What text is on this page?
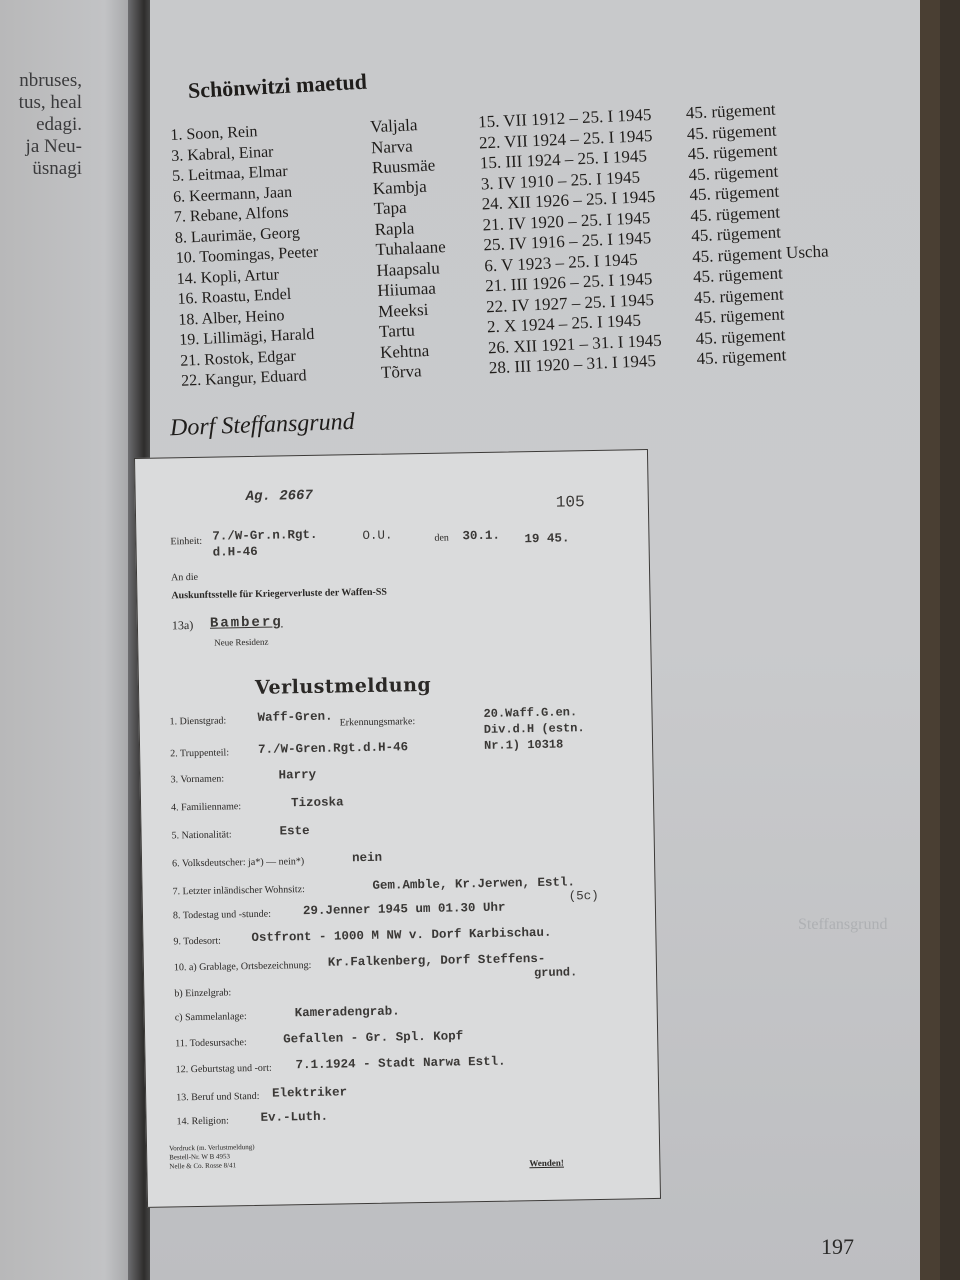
nbruses,
tus, heal
edagi.
ja Neu-
üsnagi
Schönwitzi maetud
1. Soon, Rein	Valjala	15. VII 1912 – 25. I 1945	45. rügement
3. Kabral, Einar	Narva	22. VII 1924 – 25. I 1945	45. rügement
5. Leitmaa, Elmar	Ruusmäe	15. III 1924 – 25. I 1945	45. rügement
6. Keermann, Jaan	Kambja	3. IV 1910 – 25. I 1945	45. rügement
7. Rebane, Alfons	Tapa	24. XII 1926 – 25. I 1945	45. rügement
8. Laurimäe, Georg	Rapla	21. IV 1920 – 25. I 1945	45. rügement
10. Toomingas, Peeter	Tuhalaane	25. IV 1916 – 25. I 1945	45. rügement
14. Kopli, Artur	Haapsalu	6. V 1923 – 25. I 1945	45. rügement Uscha
16. Roastu, Endel	Hiiumaa	21. III 1926 – 25. I 1945	45. rügement
18. Alber, Heino	Meeksi	22. IV 1927 – 25. I 1945	45. rügement
19. Lillimägi, Harald	Tartu	2. X 1924 – 25. I 1945	45. rügement
21. Rostok, Edgar	Kehtna	26. XII 1921 – 31. I 1945	45. rügement
22. Kangur, Eduard	Tõrva	28. III 1920 – 31. I 1945	45. rügement
Dorf Steffansgrund
Steffansgrund
Ag. 2667	105
Einheit: 7./W-Gr.n.Rgt.
d.H-46
O.U.	den 30.1. 19 45.
An die
Auskunftsstelle für Kriegerverluste der Waffen-SS
13a) Bamberg
Neue Residenz
Verlustmeldung
Erkennungsmarke:
20.Waff.G.en.
Div.d.H (estn.
Nr.1) 10318
1. Dienstgrad: Waff-Gren.
2. Truppenteil: 7./W-Gren.Rgt.d.H-46
3. Vornamen:	Harry
4. Familienname:	Tizoska
5. Nationalität:	Este
6. Volksdeutscher: ja*) — nein*)	nein
7. Letzter inländischer Wohnsitz:	Gem.Amble, Kr.Jerwen, Estl.
8. Todestag und -stunde:	29.Jenner 1945 um 01.30 Uhr
9. Todesort: Ostfront - 1000 M NW v. Dorf Karbischau.
10. a) Grablage, Ortsbezeichnung: Kr.Falkenberg, Dorf Steffens-
b) Einzelgrab:
c) Sammelanlage:	Kameradengrab.
11. Todesursache:	Gefallen - Gr. Spl. Kopf
12. Geburtstag und -ort: 7.1.1924 - Stadt Narwa Estl.
13. Beruf und Stand: Elektriker
14. Religion:	Ev.-Luth.
(5c)
grund.
Vordruck (m. Verlustmeldung)
Bestell-Nr. W B 4953
Nelle & Co. Rosse 8/41	Wenden!
197
